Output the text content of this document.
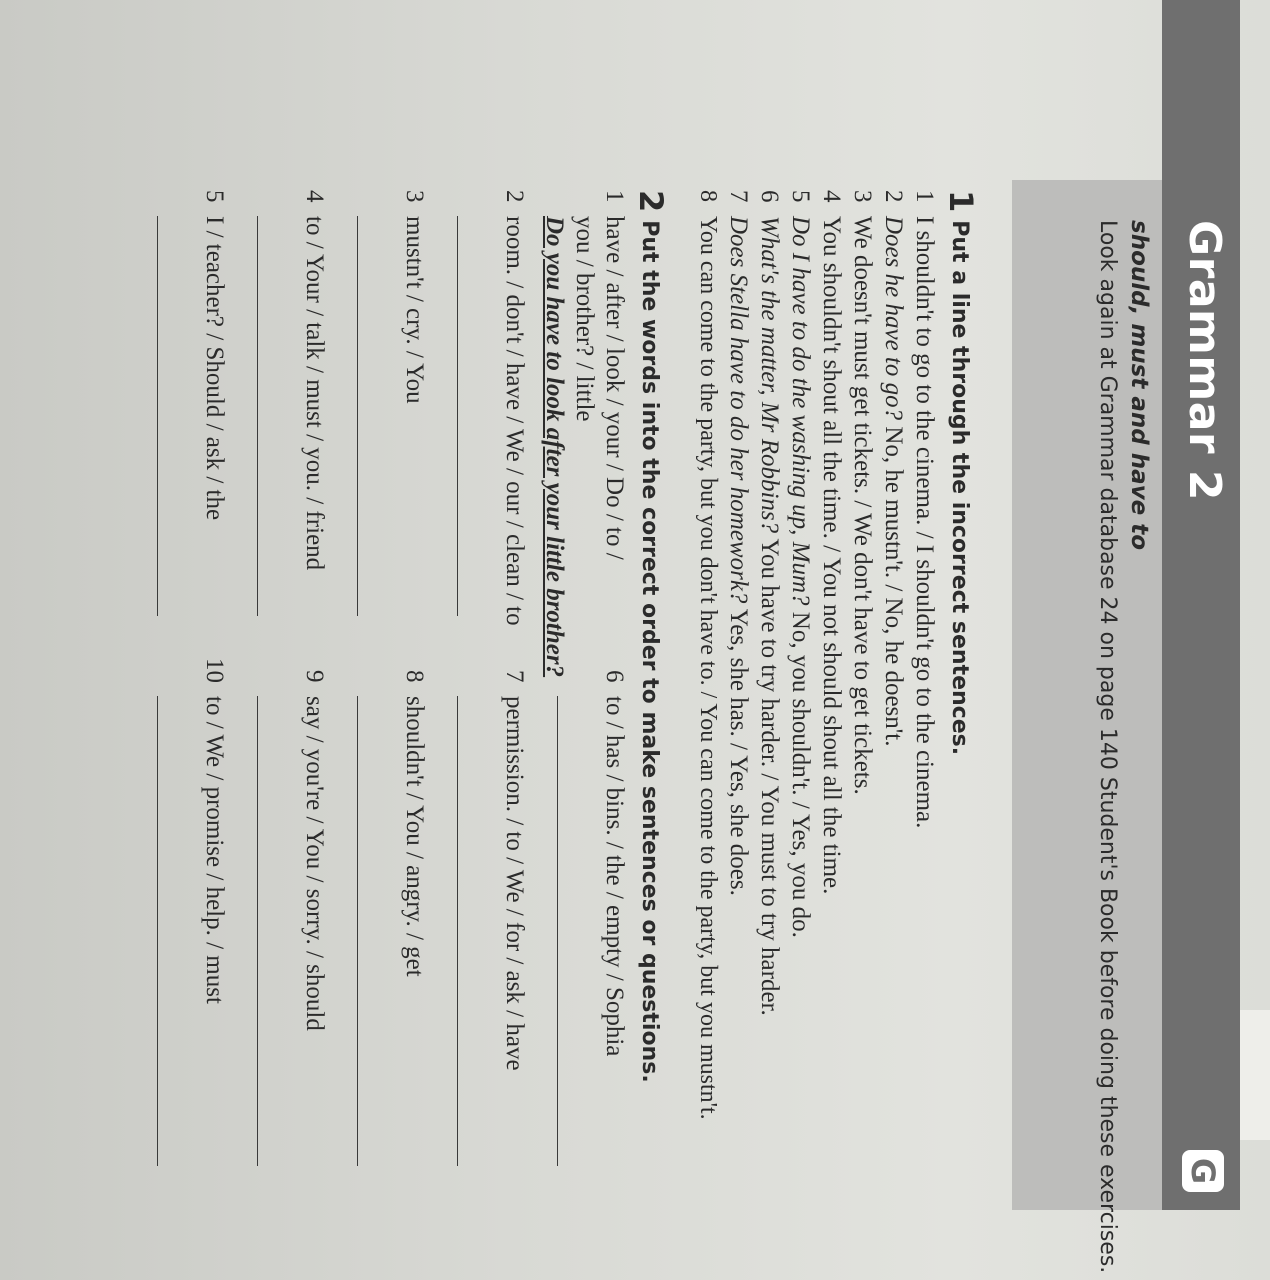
Grammar 2
G
should, must and have to
Look again at Grammar database 24 on page 140 Student's Book before doing these exercises.
1Put a line through the incorrect sentences.
1I shouldn't to go to the cinema. / I shouldn't go to the cinema.
2Does he have to go? No, he mustn't. / No, he doesn't.
3We doesn't must get tickets. / We don't have to get tickets.
4You shouldn't shout all the time. / You not should shout all the time.
5Do I have to do the washing up, Mum? No, you shouldn't. / Yes, you do.
6What's the matter, Mr Robbins? You have to try harder. / You must to try harder.
7Does Stella have to do her homework? Yes, she has. / Yes, she does.
8You can come to the party, but you don't have to. / You can come to the party, but you mustn't.
2Put the words into the correct order to make sentences or questions.
1have / after / look / your / Do / to /
you / brother? / little
Do you have to look after your little brother?
2room. / don't / have / We / our / clean / to
3mustn't / cry. / You
4to / Your / talk / must / you. / friend
5I / teacher? / Should / ask / the
6to / has / bins. / the / empty / Sophia
7permission. / to / We / for / ask / have
8shouldn't / You / angry. / get
9say / you're / You / sorry. / should
10to / We / promise / help. / must
